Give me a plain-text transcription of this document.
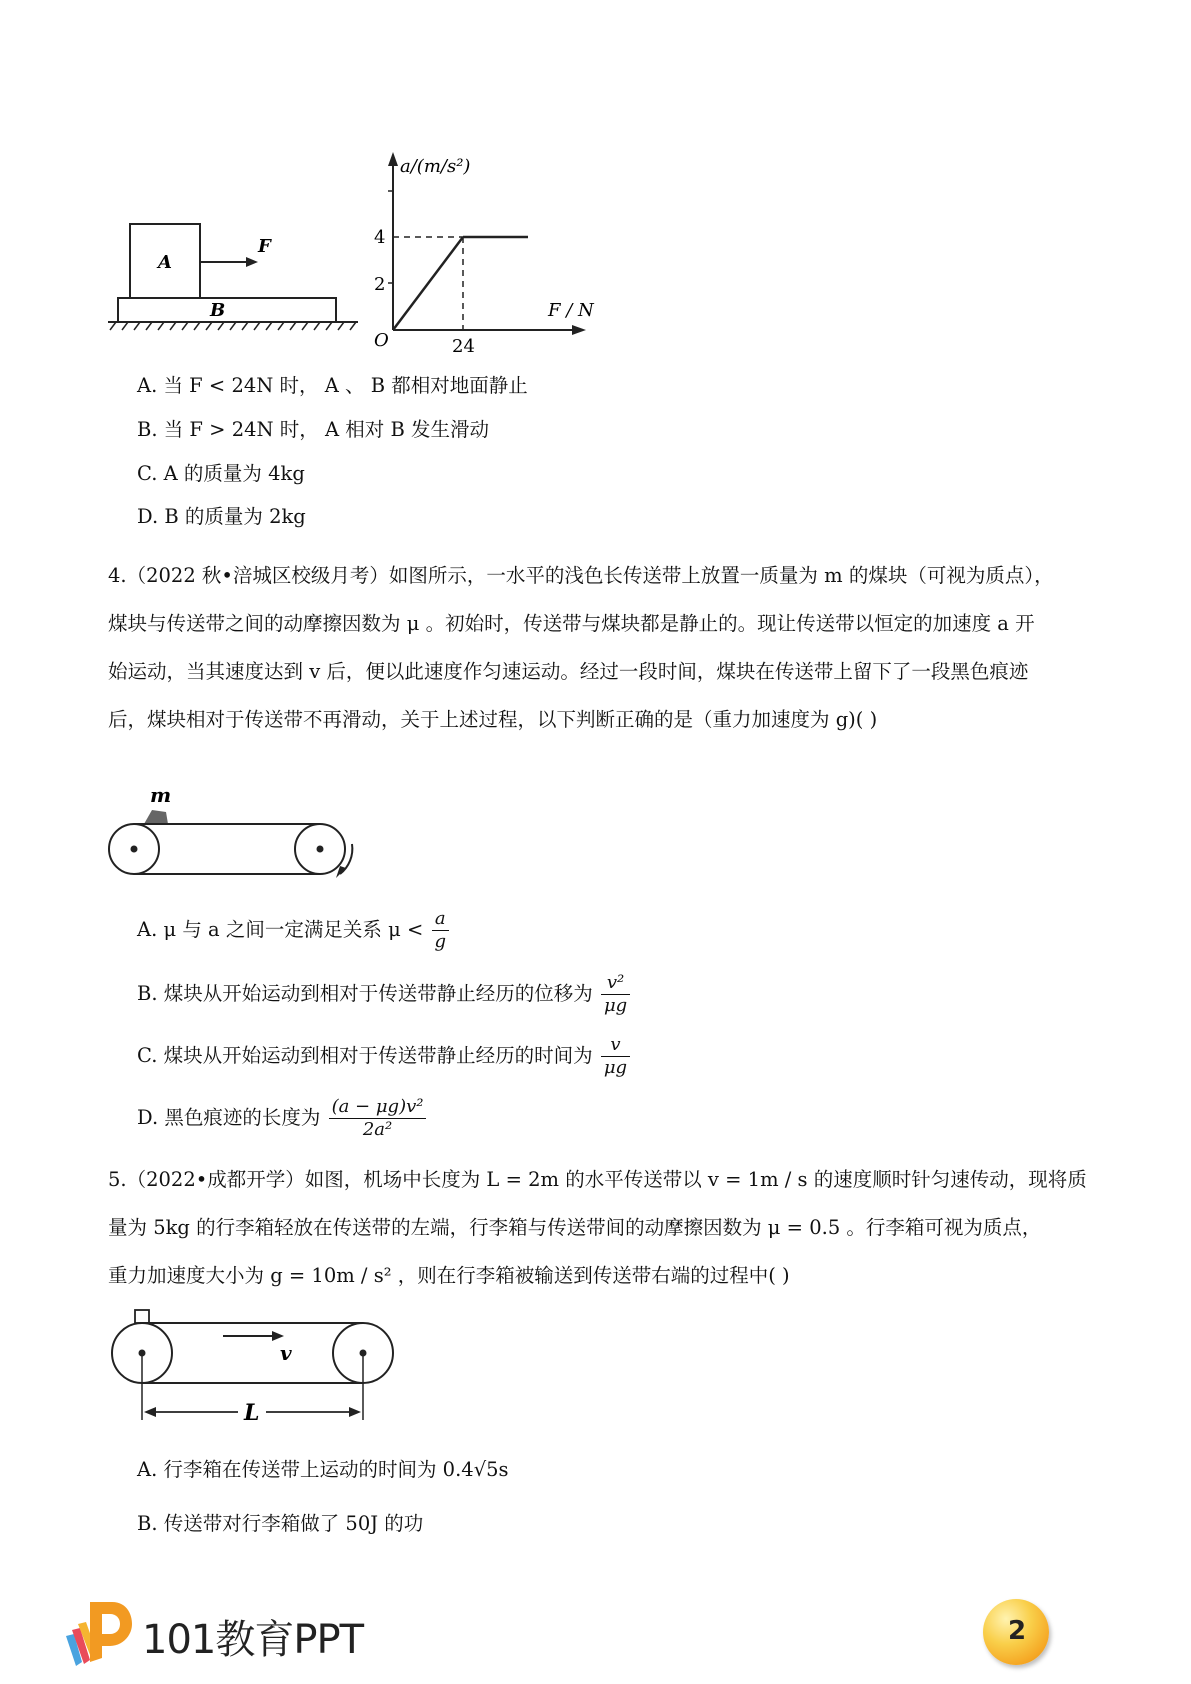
B
A
F
a/(m/s²)
F / N
O
4
2
24
A. 当 F < 24N 时， A 、 B 都相对地面静止
B. 当 F > 24N 时， A 相对 B 发生滑动
C. A 的质量为 4kg
D. B 的质量为 2kg
4.（2022 秋•涪城区校级月考）如图所示，一水平的浅色长传送带上放置一质量为 m 的煤块（可视为质点），
煤块与传送带之间的动摩擦因数为 μ 。初始时，传送带与煤块都是静止的。现让传送带以恒定的加速度 a 开
始运动，当其速度达到 v 后，便以此速度作匀速运动。经过一段时间，煤块在传送带上留下了一段黑色痕迹
后，煤块相对于传送带不再滑动，关于上述过程，以下判断正确的是（重力加速度为 g)( )
m
A. μ 与 a 之间一定满足关系 $\mu < \frac{a}{g}$
B. 煤块从开始运动到相对于传送带静止经历的位移为 $\frac{\text{v²}}{\mu g}$
C. 煤块从开始运动到相对于传送带静止经历的时间为 $\frac{v}{\mu g}$
D. 黑色痕迹的长度为 $\frac{\text{(a − μg)v²}}{\text{2a²}}$
5.（2022•成都开学）如图，机场中长度为 L = 2m 的水平传送带以 v = 1m / s 的速度顺时针匀速传动，现将质
量为 5kg 的行李箱轻放在传送带的左端，行李箱与传送带间的动摩擦因数为 μ = 0.5 。行李箱可视为质点，
重力加速度大小为 g = 10m / s² ，则在行李箱被输送到传送带右端的过程中( )
v
L
A. 行李箱在传送带上运动的时间为 0.4√5s
B. 传送带对行李箱做了 50J 的功
101教育PPT	2
